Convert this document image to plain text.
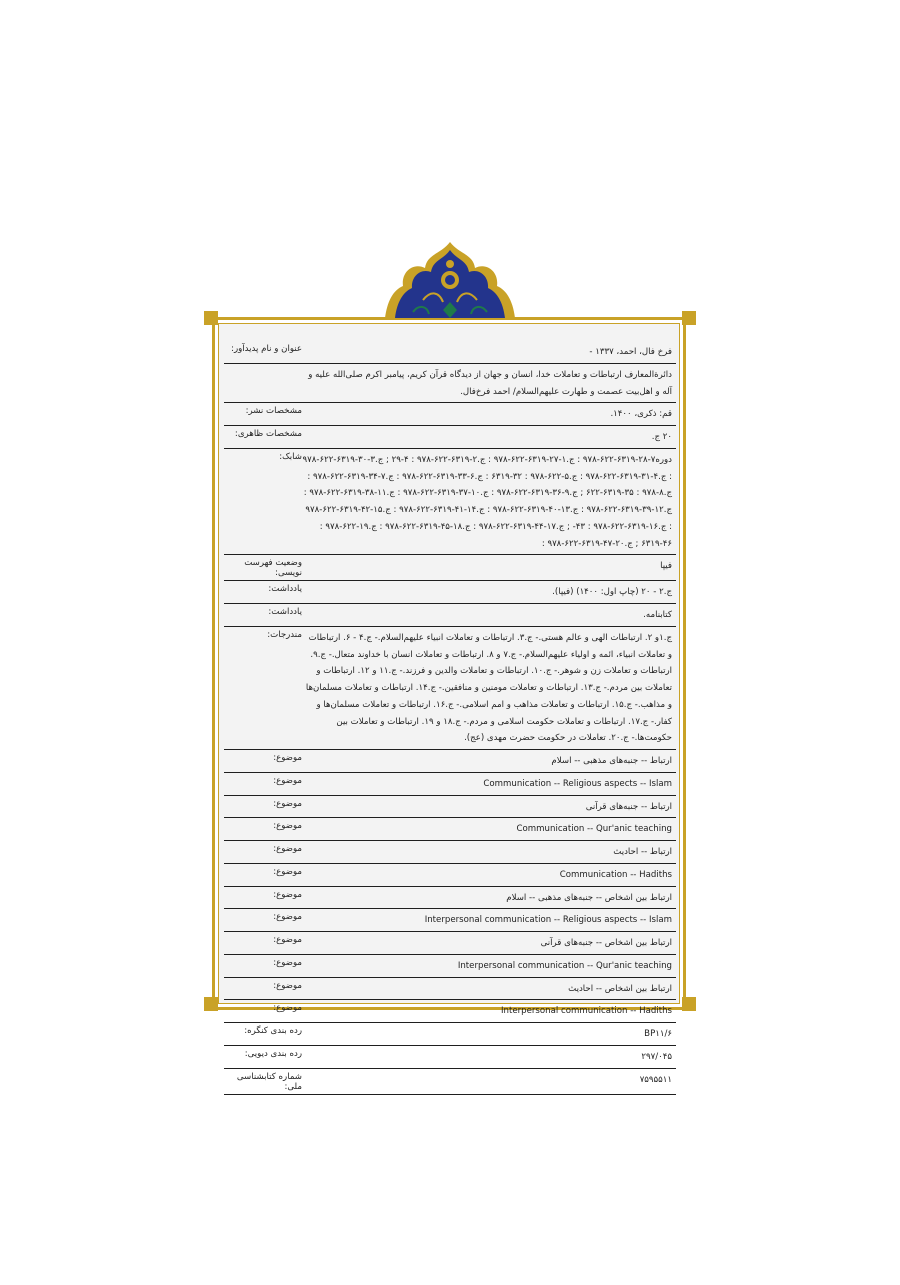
عنوان و نام پدیدآور:	فرخ فال، احمد، ۱۳۳۷ -
دائرةالمعارف ارتباطات و تعاملات خدا، انسان و جهان از دیدگاه قرآن کریم، پیامبر اکرم صلی‌الله علیه و آله و اهل‌بیت عصمت و طهارت علیهم‌السلام/ احمد فرخ‌فال.
مشخصات نشر:	قم: ذکری، ۱۴۰۰.
مشخصات ظاهری:	۲۰ ج.
شابک: دوره۷-۲۸-۶۳۱۹-۶۲۲-۹۷۸ : ج.۱-۲۷-۶۳۱۹-۶۲۲-۹۷۸ : ج.۲-۶۳۱۹-۶۲۲-۹۷۸ : ۴-۲۹ ; ج.۳-۳۰-۶۳۱۹-۶۲۲-۹۷۸ : ج.۴-۳۱-۶۳۱۹-۶۲۲-۹۷۸ : ج.۵-۶۲۲-۹۷۸ : ۳۲-۶۳۱۹ : ج.۶-۳۳-۶۳۱۹-۶۲۲-۹۷۸ : ج.۷-۳۴-۶۳۱۹-۶۲۲-۹۷۸ : ج.۸-۹۷۸ : ۳۵-۶۳۱۹-۶۲۲ ; ج.۹-۳۶-۶۳۱۹-۶۲۲-۹۷۸ : ج.۱۰-۳۷-۶۳۱۹-۶۲۲-۹۷۸ : ج.۱۱-۳۸-۶۳۱۹-۶۲۲-۹۷۸ : ج.۱۲-۳۹-۶۳۱۹-۶۲۲-۹۷۸ : ج.۱۳-۴۰-۶۳۱۹-۶۲۲-۹۷۸ : ج.۱۴-۴۱-۶۳۱۹-۶۲۲-۹۷۸ : ج.۱۵-۴۲-۶۳۱۹-۶۲۲-۹۷۸ : ج.۱۶-۶۳۱۹-۶۲۲-۹۷۸ : ۴۳- ; ج.۱۷-۴۴-۶۳۱۹-۶۲۲-۹۷۸ : ج.۱۸-۴۵-۶۳۱۹-۶۲۲-۹۷۸ : ج.۱۹-۶۲۲-۹۷۸ : ۴۶-۶۳۱۹ ; ج.۲۰-۴۷-۶۳۱۹-۶۲۲-۹۷۸ :
وضعیت فهرست نویسی:
فیپا
یادداشت:	ج.۲ - ۲۰ (چاپ اول: ۱۴۰۰) (فیپا).
یادداشت:	کتابنامه.
مندرجات: ج.۱و ۲. ارتباطات الهی و عالم هستی.- ج.۳. ارتباطات و تعاملات انبیاء علیهم‌السلام.- ج.۴ - ۶. ارتباطات و تعاملات انبیاء، ائمه و اولیاء علیهم‌السلام.- ج.۷ و ۸. ارتباطات و تعاملات انسان با خداوند متعال.- ج.۹. ارتباطات و تعاملات زن و شوهر.- ج.۱۰. ارتباطات و تعاملات والدین و فرزند.- ج.۱۱ و ۱۲. ارتباطات و تعاملات بین مردم.- ج.۱۳. ارتباطات و تعاملات مومنین و منافقین.- ج.۱۴. ارتباطات و تعاملات مسلمان‌ها و مذاهب.- ج.۱۵. ارتباطات و تعاملات مذاهب و امم اسلامی.- ج.۱۶. ارتباطات و تعاملات مسلمان‌ها و کفار.- ج.۱۷. ارتباطات و تعاملات حکومت اسلامی و مردم.- ج.۱۸ و ۱۹. ارتباطات و تعاملات بین حکومت‌ها.- ج.۲۰. تعاملات در حکومت حضرت مهدی (عج).
موضوع:	ارتباط -- جنبه‌های مذهبی -- اسلام
موضوع:	Communication -- Religious aspects -- Islam
موضوع:	ارتباط -- جنبه‌های قرآنی
موضوع:	Communication -- Qur'anic teaching
موضوع:	ارتباط -- احادیث
موضوع:	Communication -- Hadiths
موضوع:	ارتباط بین اشخاص -- جنبه‌های مذهبی -- اسلام
موضوع:	Interpersonal communication -- Religious aspects -- Islam
موضوع:	ارتباط بین اشخاص -- جنبه‌های قرآنی
موضوع:	Interpersonal communication -- Qur'anic teaching
موضوع:	ارتباط بین اشخاص -- احادیث
موضوع:	Interpersonal communication -- Hadiths
رده بندی کنگره:	BP۱۱/۶
رده بندی دیویی:	۲۹۷/۰۴۵
شماره کتابشناسی ملی:
۷۵۹۵۵۱۱
